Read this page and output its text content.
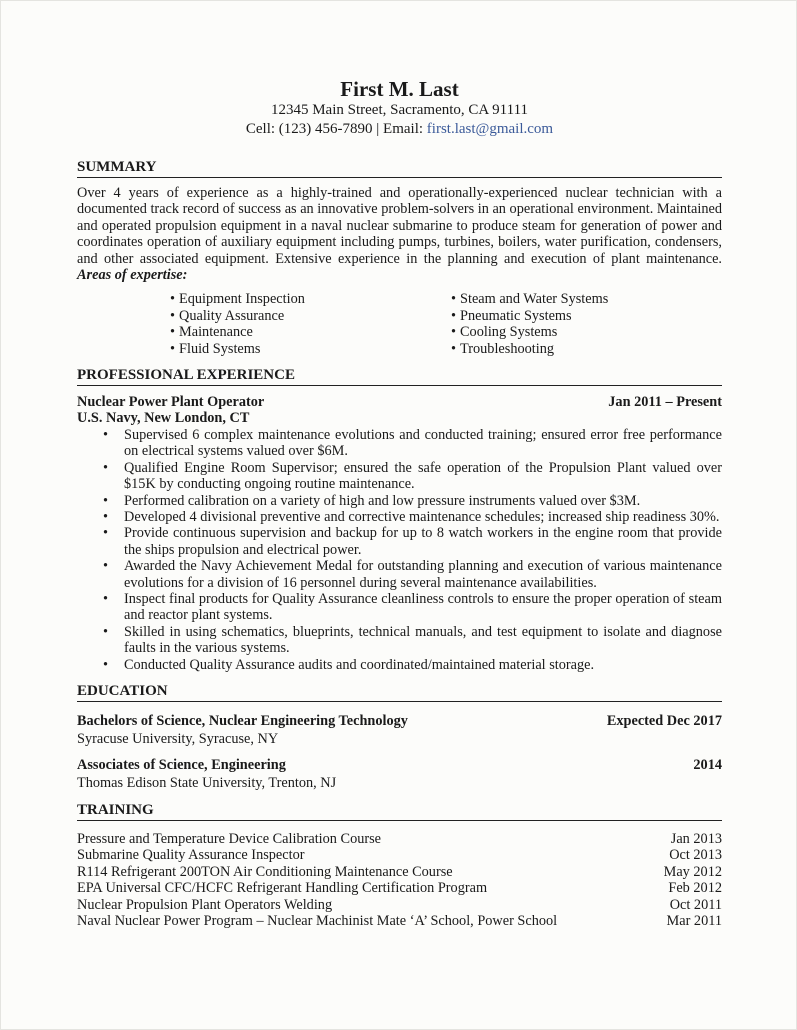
First M. Last
12345 Main Street, Sacramento, CA 91111
Cell: (123) 456-7890 | Email: first.last@gmail.com
SUMMARY
Over 4 years of experience as a highly-trained and operationally-experienced nuclear technician with a documented track record of success as an innovative problem-solvers in an operational environment. Maintained and operated propulsion equipment in a naval nuclear submarine to produce steam for generation of power and coordinates operation of auxiliary equipment including pumps, turbines, boilers, water purification, condensers, and other associated equipment. Extensive experience in the planning and execution of plant maintenance. Areas of expertise:
• Equipment Inspection
• Quality Assurance
• Maintenance
• Fluid Systems
• Steam and Water Systems
• Pneumatic Systems
• Cooling Systems
• Troubleshooting
PROFESSIONAL EXPERIENCE
Nuclear Power Plant Operator	Jan 2011 – Present
U.S. Navy, New London, CT
• Supervised 6 complex maintenance evolutions and conducted training; ensured error free performance on electrical systems valued over $6M.
• Qualified Engine Room Supervisor; ensured the safe operation of the Propulsion Plant valued over $15K by conducting ongoing routine maintenance.
• Performed calibration on a variety of high and low pressure instruments valued over $3M.
• Developed 4 divisional preventive and corrective maintenance schedules; increased ship readiness 30%.
• Provide continuous supervision and backup for up to 8 watch workers in the engine room that provide the ships propulsion and electrical power.
• Awarded the Navy Achievement Medal for outstanding planning and execution of various maintenance evolutions for a division of 16 personnel during several maintenance availabilities.
• Inspect final products for Quality Assurance cleanliness controls to ensure the proper operation of steam and reactor plant systems.
• Skilled in using schematics, blueprints, technical manuals, and test equipment to isolate and diagnose faults in the various systems.
• Conducted Quality Assurance audits and coordinated/maintained material storage.
EDUCATION
Bachelors of Science, Nuclear Engineering Technology	Expected Dec 2017
Syracuse University, Syracuse, NY
Associates of Science, Engineering	2014
Thomas Edison State University, Trenton, NJ
TRAINING
Pressure and Temperature Device Calibration Course	Jan 2013
Submarine Quality Assurance Inspector	Oct 2013
R114 Refrigerant 200TON Air Conditioning Maintenance Course	May 2012
EPA Universal CFC/HCFC Refrigerant Handling Certification Program	Feb 2012
Nuclear Propulsion Plant Operators Welding	Oct 2011
Naval Nuclear Power Program – Nuclear Machinist Mate ‘A’ School, Power School	Mar 2011
